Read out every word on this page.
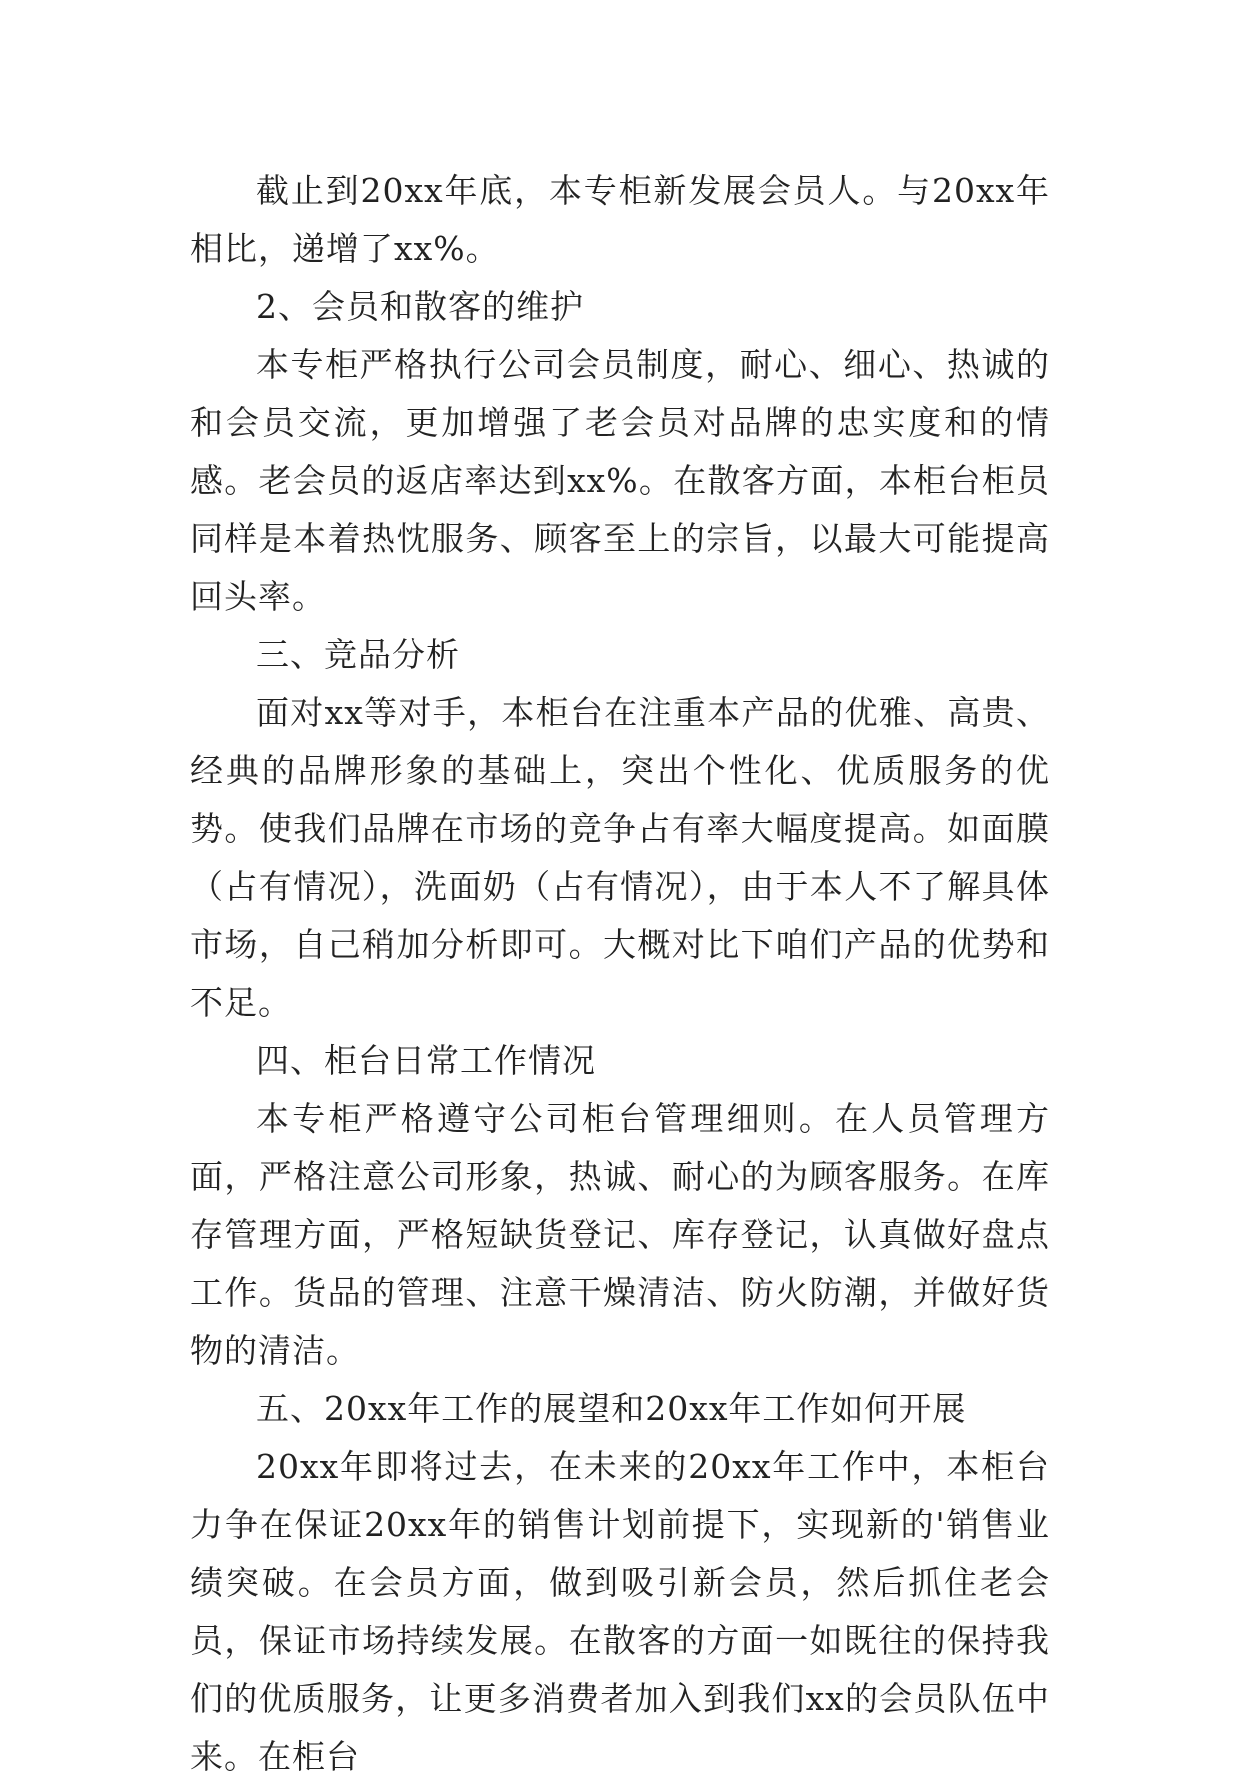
截止到20xx年底，本专柜新发展会员人。与20xx年相比，递增了xx%。

2、会员和散客的维护

本专柜严格执行公司会员制度，耐心、细心、热诚的和会员交流，更加增强了老会员对品牌的忠实度和的情感。老会员的返店率达到xx%。在散客方面，本柜台柜员同样是本着热忱服务、顾客至上的宗旨，以最大可能提高回头率。

三、竞品分析

面对xx等对手，本柜台在注重本产品的优雅、高贵、经典的品牌形象的基础上，突出个性化、优质服务的优势。使我们品牌在市场的竞争占有率大幅度提高。如面膜（占有情况），洗面奶（占有情况），由于本人不了解具体市场，自己稍加分析即可。大概对比下咱们产品的优势和不足。

四、柜台日常工作情况

本专柜严格遵守公司柜台管理细则。在人员管理方面，严格注意公司形象，热诚、耐心的为顾客服务。在库存管理方面，严格短缺货登记、库存登记，认真做好盘点工作。货品的管理、注意干燥清洁、防火防潮，并做好货物的清洁。

五、20xx年工作的展望和20xx年工作如何开展

20xx年即将过去，在未来的20xx年工作中，本柜台力争在保证20xx年的销售计划前提下，实现新的'销售业绩突破。在会员方面，做到吸引新会员，然后抓住老会员，保证市场持续发展。在散客的方面一如既往的保持我们的优质服务，让更多消费者加入到我们xx的会员队伍中来。在柜台
